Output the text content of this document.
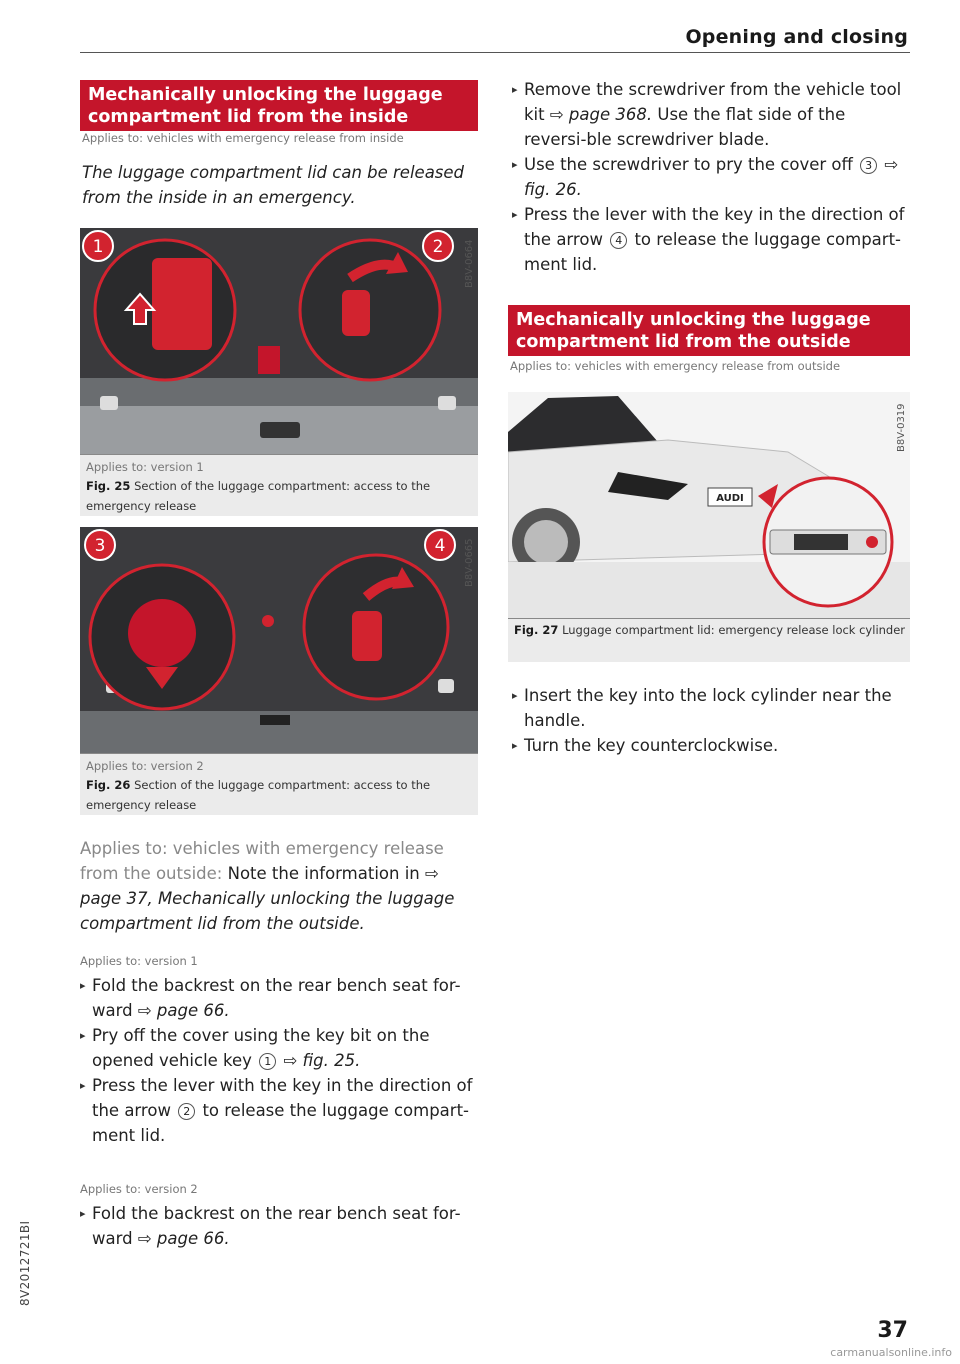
Opening and closing
Mechanically unlocking the luggage compartment lid from the inside
Applies to: vehicles with emergency release from inside
The luggage compartment lid can be released from the inside in an emergency.
1	2 B8V-0664
Applies to: version 1
Fig. 25 Section of the luggage compartment: access to the emergency release
3	4 B8V-0665
Applies to: version 2
Fig. 26 Section of the luggage compartment: access to the emergency release
Applies to: vehicles with emergency release from the outside: Note the information in ⇨ page 37, Mechanically unlocking the luggage compartment lid from the outside.
Applies to: version 1
▸ Fold the backrest on the rear bench seat for-ward ⇨ page 66.
▸ Pry off the cover using the key bit on the opened vehicle key 1 ⇨ fig. 25.
▸ Press the lever with the key in the direction of the arrow 2 to release the luggage compart-ment lid.
Applies to: version 2
▸ Fold the backrest on the rear bench seat for-ward ⇨ page 66.
▸ Remove the screwdriver from the vehicle tool kit ⇨ page 368. Use the flat side of the reversi-ble screwdriver blade.
▸ Use the screwdriver to pry the cover off 3 ⇨ fig. 26.
▸ Press the lever with the key in the direction of the arrow 4 to release the luggage compart-ment lid.
Mechanically unlocking the luggage compartment lid from the outside
Applies to: vehicles with emergency release from outside
AUDI
B8V-0319
Fig. 27 Luggage compartment lid: emergency release lock cylinder
▸ Insert the key into the lock cylinder near the handle.
▸ Turn the key counterclockwise.
8V2012721BI
37
carmanualsonline.info
